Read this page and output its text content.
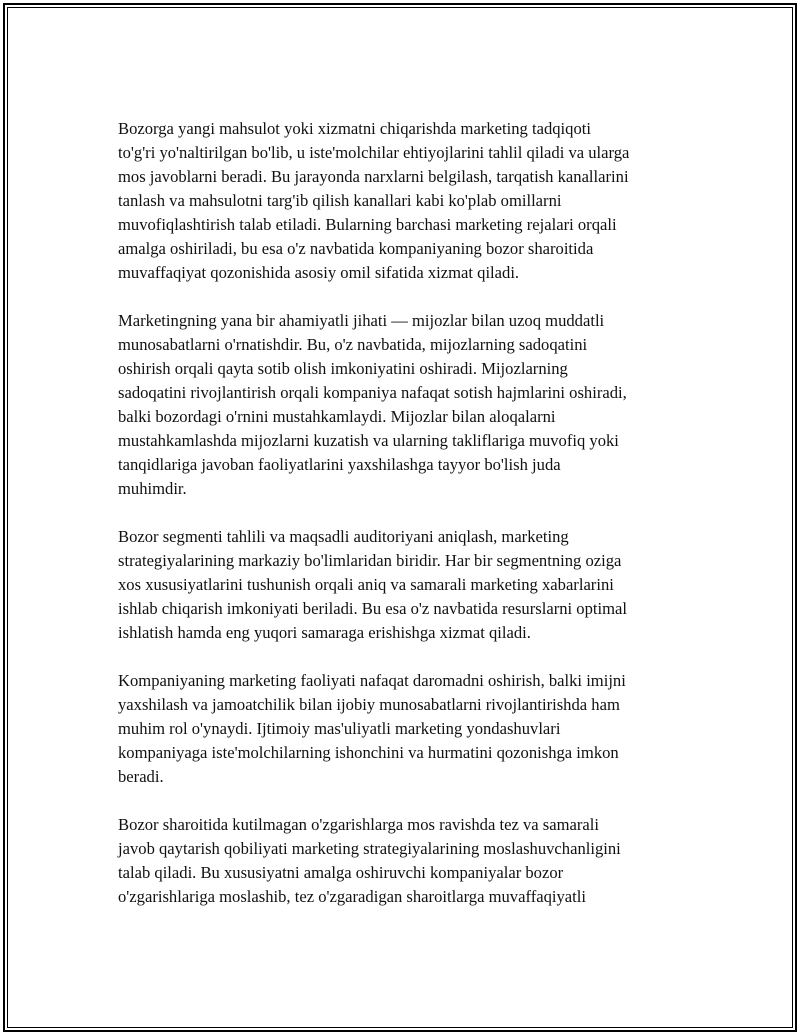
Bozorga yangi mahsulot yoki xizmatni chiqarishda marketing tadqiqoti
to'g'ri yo'naltirilgan bo'lib, u iste'molchilar ehtiyojlarini tahlil qiladi va ularga
mos javoblarni beradi. Bu jarayonda narxlarni belgilash, tarqatish kanallarini
tanlash va mahsulotni targ'ib qilish kanallari kabi ko'plab omillarni
muvofiqlashtirish talab etiladi. Bularning barchasi marketing rejalari orqali
amalga oshiriladi, bu esa o'z navbatida kompaniyaning bozor sharoitida
muvaffaqiyat qozonishida asosiy omil sifatida xizmat qiladi.

Marketingning yana bir ahamiyatli jihati — mijozlar bilan uzoq muddatli
munosabatlarni o'rnatishdir. Bu, o'z navbatida, mijozlarning sadoqatini
oshirish orqali qayta sotib olish imkoniyatini oshiradi. Mijozlarning
sadoqatini rivojlantirish orqali kompaniya nafaqat sotish hajmlarini oshiradi,
balki bozordagi o'rnini mustahkamlaydi. Mijozlar bilan aloqalarni
mustahkamlashda mijozlarni kuzatish va ularning takliflariga muvofiq yoki
tanqidlariga javoban faoliyatlarini yaxshilashga tayyor bo'lish juda
muhimdir.

Bozor segmenti tahlili va maqsadli auditoriyani aniqlash, marketing
strategiyalarining markaziy bo'limlaridan biridir. Har bir segmentning oziga
xos xususiyatlarini tushunish orqali aniq va samarali marketing xabarlarini
ishlab chiqarish imkoniyati beriladi. Bu esa o'z navbatida resurslarni optimal
ishlatish hamda eng yuqori samaraga erishishga xizmat qiladi.

Kompaniyaning marketing faoliyati nafaqat daromadni oshirish, balki imijni
yaxshilash va jamoatchilik bilan ijobiy munosabatlarni rivojlantirishda ham
muhim rol o'ynaydi. Ijtimoiy mas'uliyatli marketing yondashuvlari
kompaniyaga iste'molchilarning ishonchini va hurmatini qozonishga imkon
beradi.

Bozor sharoitida kutilmagan o'zgarishlarga mos ravishda tez va samarali
javob qaytarish qobiliyati marketing strategiyalarining moslashuvchanligini
talab qiladi. Bu xususiyatni amalga oshiruvchi kompaniyalar bozor
o'zgarishlariga moslashib, tez o'zgaradigan sharoitlarga muvaffaqiyatli
